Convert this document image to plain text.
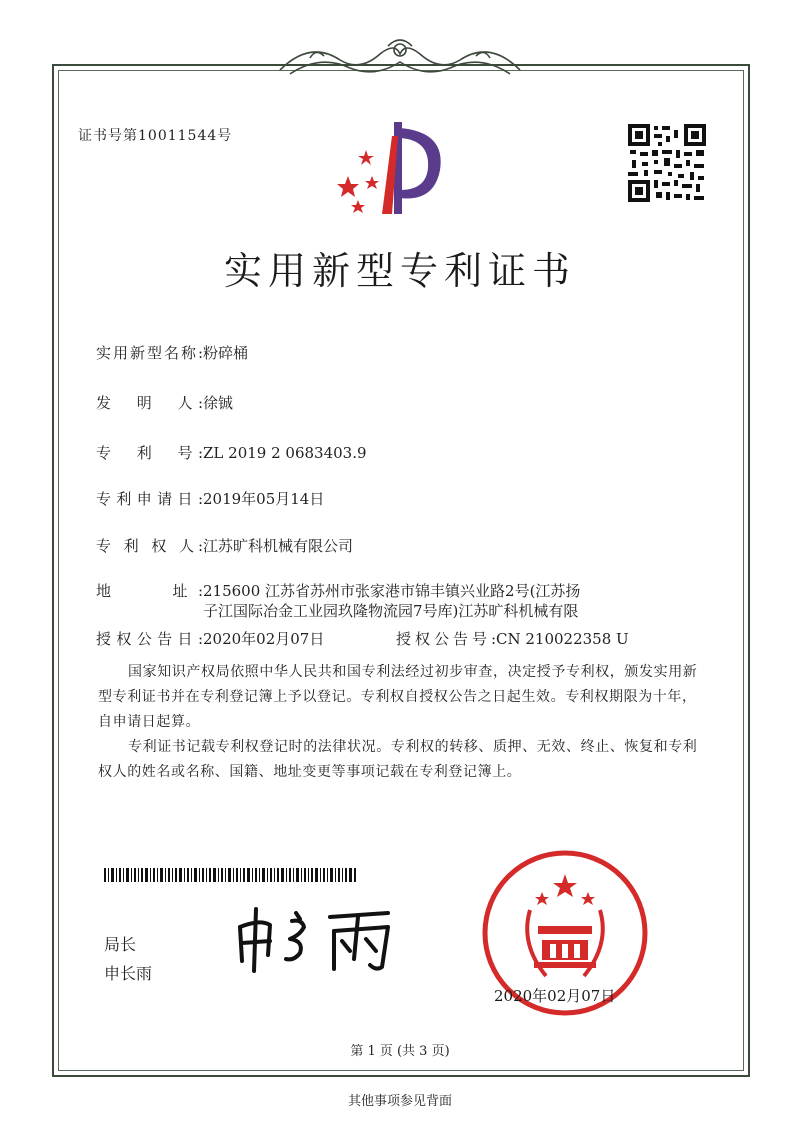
证书号第10011544号
实用新型专利证书
实用新型名称:粉碎桶
发　明　人:徐铖
专　利　号:ZL 2019 2 0683403.9
专利申请日:2019年05月14日
专 利 权 人:江苏旷科机械有限公司
地　　址:215600 江苏省苏州市张家港市锦丰镇兴业路2号(江苏扬
子江国际冶金工业园玖隆物流园7号库)江苏旷科机械有限
授权公告日:2020年02月07日	授权公告号:CN 210022358 U
国家知识产权局依照中华人民共和国专利法经过初步审查，决定授予专利权，颁发实用新型专利证书并在专利登记簿上予以登记。专利权自授权公告之日起生效。专利权期限为十年，自申请日起算。
专利证书记载专利权登记时的法律状况。专利权的转移、质押、无效、终止、恢复和专利权人的姓名或名称、国籍、地址变更等事项记载在专利登记簿上。
局长
申长雨
2020年02月07日
第 1 页 (共 3 页)
其他事项参见背面
